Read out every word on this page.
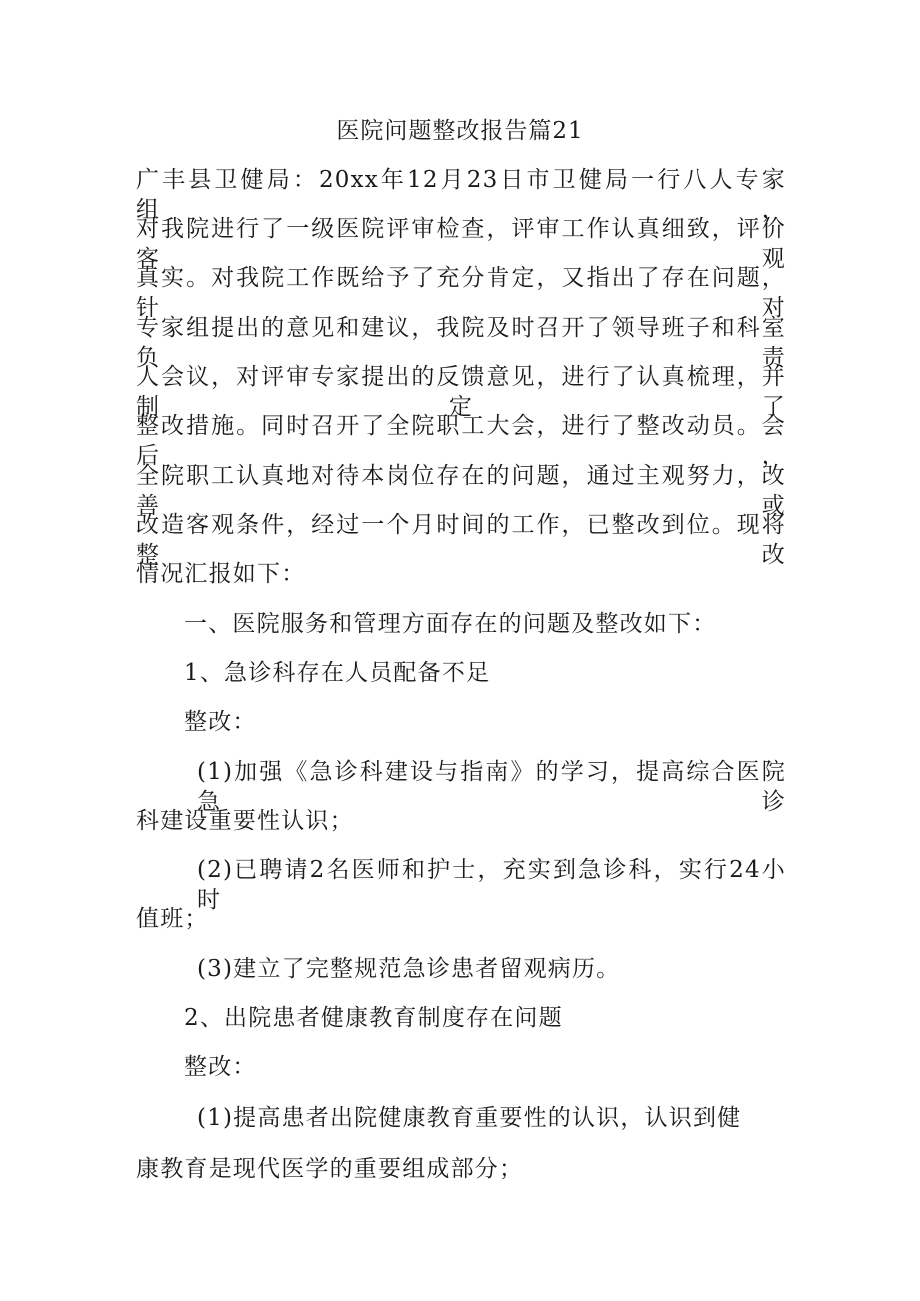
医院问题整改报告篇21
广丰县卫健局：20xx年12月23日市卫健局一行八人专家组，
对我院进行了一级医院评审检查，评审工作认真细致，评价客观
真实。对我院工作既给予了充分肯定，又指出了存在问题，针对
专家组提出的意见和建议，我院及时召开了领导班子和科室负责
人会议，对评审专家提出的反馈意见，进行了认真梳理，并制定了
整改措施。同时召开了全院职工大会，进行了整改动员。会后，
全院职工认真地对待本岗位存在的问题，通过主观努力，改善或
改造客观条件，经过一个月时间的工作，已整改到位。现将整改
情况汇报如下：
一、医院服务和管理方面存在的问题及整改如下：
1、急诊科存在人员配备不足
整改：
(1)加强《急诊科建设与指南》的学习，提高综合医院急诊
科建设重要性认识；
(2)已聘请2名医师和护士，充实到急诊科，实行24小时
值班；
(3)建立了完整规范急诊患者留观病历。
2、出院患者健康教育制度存在问题
整改：
(1)提高患者出院健康教育重要性的认识，认识到健
康教育是现代医学的重要组成部分；
